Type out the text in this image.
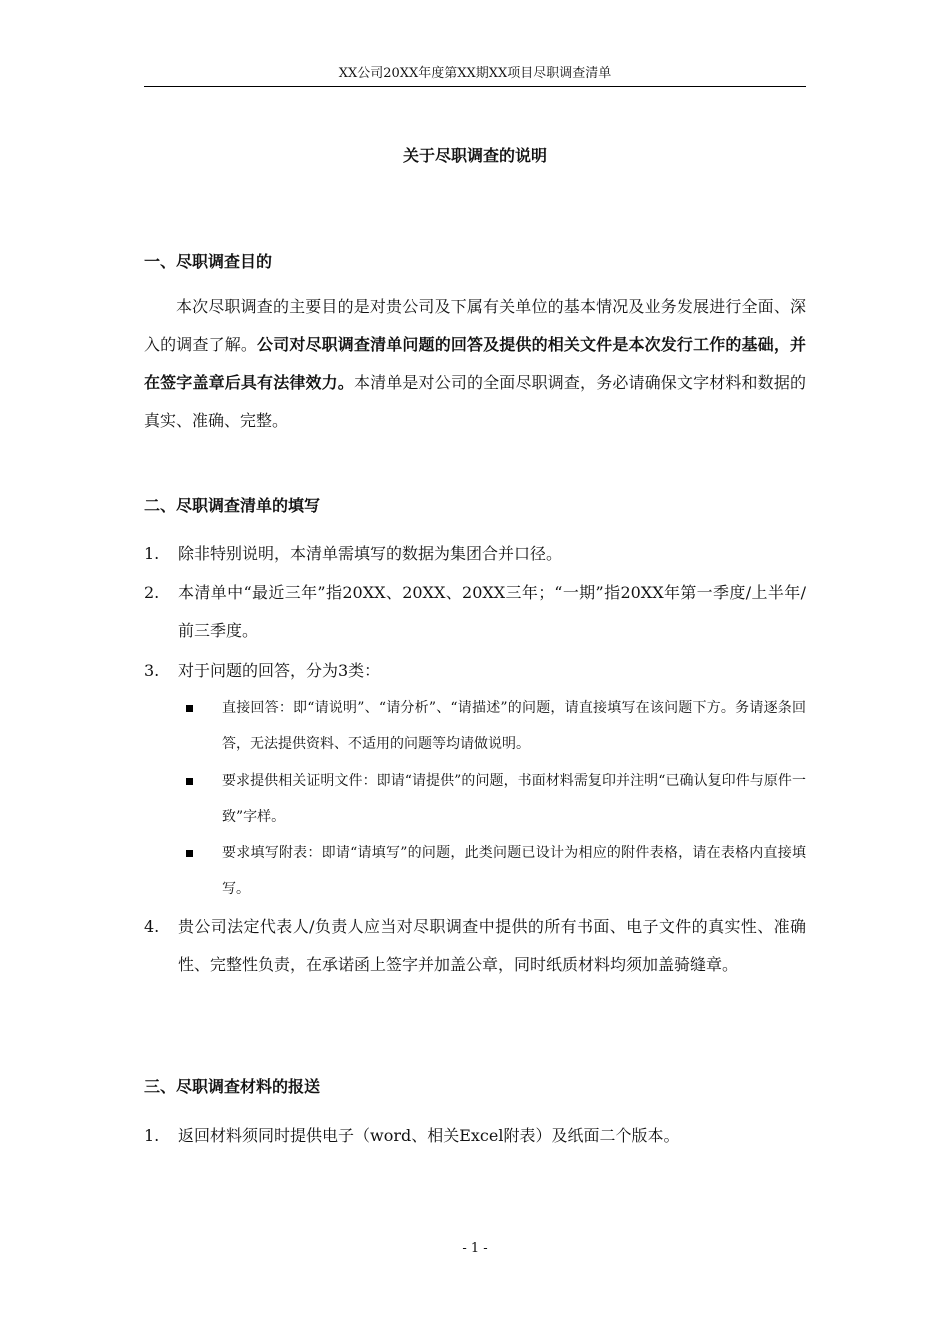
XX公司20XX年度第XX期XX项目尽职调查清单
关于尽职调查的说明
一、尽职调查目的
本次尽职调查的主要目的是对贵公司及下属有关单位的基本情况及业务发展进行全面、深入的调查了解。公司对尽职调查清单问题的回答及提供的相关文件是本次发行工作的基础，并在签字盖章后具有法律效力。本清单是对公司的全面尽职调查，务必请确保文字材料和数据的真实、准确、完整。
二、尽职调查清单的填写
1. 除非特别说明，本清单需填写的数据为集团合并口径。
2. 本清单中“最近三年”指20XX、20XX、20XX三年；“一期”指20XX年第一季度/上半年/前三季度。
3. 对于问题的回答，分为3类：
直接回答：即“请说明”、“请分析”、“请描述”的问题，请直接填写在该问题下方。务请逐条回答，无法提供资料、不适用的问题等均请做说明。
要求提供相关证明文件：即请“请提供”的问题，书面材料需复印并注明“已确认复印件与原件一致”字样。
要求填写附表：即请“请填写”的问题，此类问题已设计为相应的附件表格，请在表格内直接填写。
4. 贵公司法定代表人/负责人应当对尽职调查中提供的所有书面、电子文件的真实性、准确性、完整性负责，在承诺函上签字并加盖公章，同时纸质材料均须加盖骑缝章。
三、尽职调查材料的报送
1. 返回材料须同时提供电子（word、相关Excel附表）及纸面二个版本。
- 1 -
